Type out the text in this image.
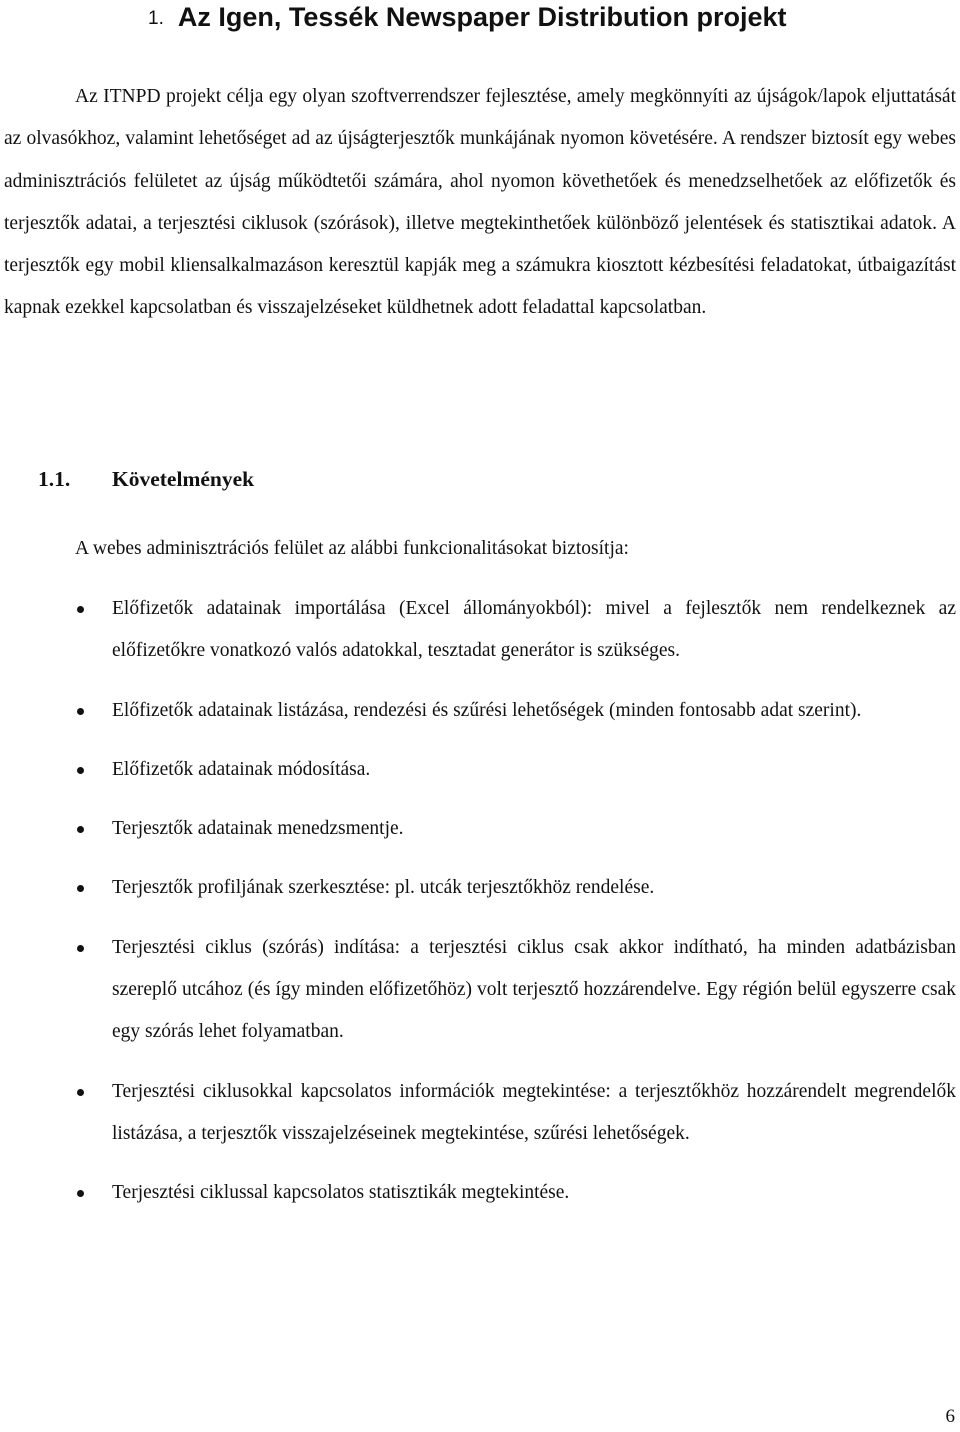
1. Az Igen, Tessék Newspaper Distribution projekt

Az ITNPD projekt célja egy olyan szoftverrendszer fejlesztése, amely megkönnyíti az újságok/lapok eljuttatását az olvasókhoz, valamint lehetőséget ad az újságterjesztők munkájának nyomon követésére. A rendszer biztosít egy webes adminisztrációs felületet az újság működtetői számára, ahol nyomon követhetőek és menedzselhetőek az előfizetők és terjesztők adatai, a terjesztési ciklusok (szórások), illetve megtekinthetőek különböző jelentések és statisztikai adatok. A terjesztők egy mobil kliensalkalmazáson keresztül kapják meg a számukra kiosztott kézbesítési feladatokat, útbaigazítást kapnak ezekkel kapcsolatban és visszajelzéseket küldhetnek adott feladattal kapcsolatban.

1.1. Követelmények
A webes adminisztrációs felület az alábbi funkcionalitásokat biztosítja:
Előfizetők adatainak importálása (Excel állományokból): mivel a fejlesztők nem rendelkeznek az előfizetőkre vonatkozó valós adatokkal, tesztadat generátor is szükséges.
Előfizetők adatainak listázása, rendezési és szűrési lehetőségek (minden fontosabb adat szerint).
Előfizetők adatainak módosítása.
Terjesztők adatainak menedzsmentje.
Terjesztők profiljának szerkesztése: pl. utcák terjesztőkhöz rendelése.
Terjesztési ciklus (szórás) indítása: a terjesztési ciklus csak akkor indítható, ha minden adatbázisban szereplő utcához (és így minden előfizetőhöz) volt terjesztő hozzárendelve. Egy régión belül egyszerre csak egy szórás lehet folyamatban.
Terjesztési ciklusokkal kapcsolatos információk megtekintése: a terjesztőkhöz hozzárendelt megrendelők listázása, a terjesztők visszajelzéseinek megtekintése, szűrési lehetőségek.
Terjesztési ciklussal kapcsolatos statisztikák megtekintése.
6
